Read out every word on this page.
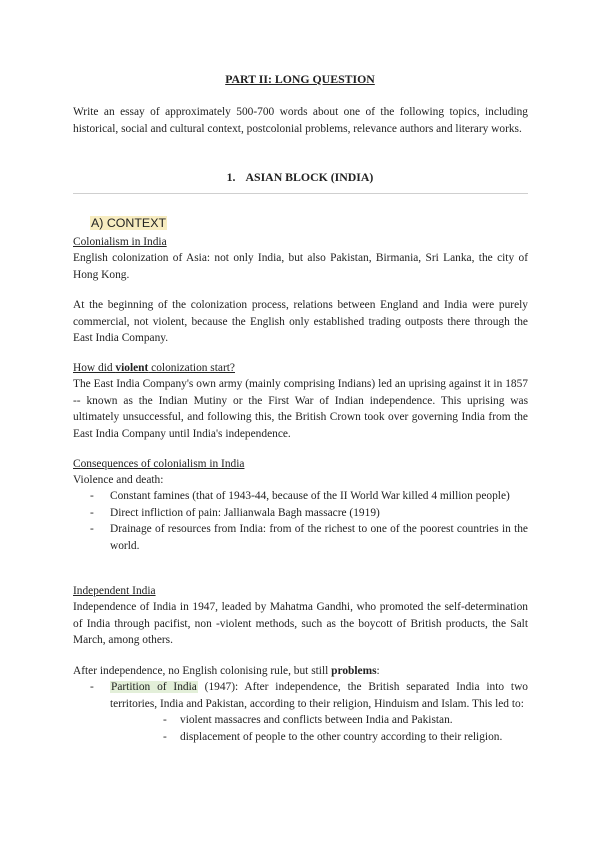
PART II: LONG QUESTION
Write an essay of approximately 500-700 words about one of the following topics, including historical, social and cultural context, postcolonial problems, relevance authors and literary works.
1. ASIAN BLOCK (INDIA)
A) CONTEXT
Colonialism in India
English colonization of Asia: not only India, but also Pakistan, Birmania, Sri Lanka, the city of Hong Kong.
At the beginning of the colonization process, relations between England and India were purely commercial, not violent, because the English only established trading outposts there through the East India Company.
How did violent colonization start?
The East India Company's own army (mainly comprising Indians) led an uprising against it in 1857 -- known as the Indian Mutiny or the First War of Indian independence. This uprising was ultimately unsuccessful, and following this, the British Crown took over governing India from the East India Company until India's independence.
Consequences of colonialism in India
Violence and death:
- Constant famines (that of 1943-44, because of the II World War killed 4 million people)
- Direct infliction of pain: Jallianwala Bagh massacre (1919)
- Drainage of resources from India: from of the richest to one of the poorest countries in the world.
Independent India
Independence of India in 1947, leaded by Mahatma Gandhi, who promoted the self-determination of India through pacifist, non -violent methods, such as the boycott of British products, the Salt March, among others.
After independence, no English colonising rule, but still problems:
- Partition of India (1947): After independence, the British separated India into two territories, India and Pakistan, according to their religion, Hinduism and Islam. This led to:
- violent massacres and conflicts between India and Pakistan.
- displacement of people to the other country according to their religion.
